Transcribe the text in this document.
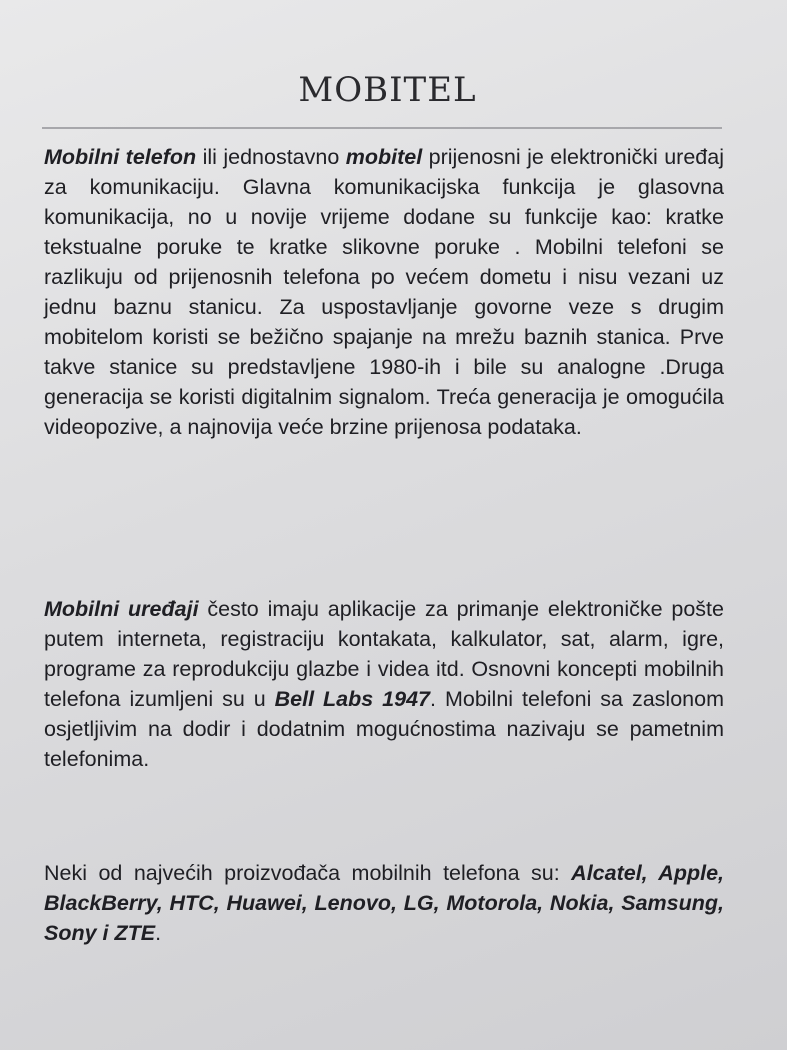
MOBITEL

Mobilni telefon ili jednostavno mobitel prijenosni je elektronički uređaj za komunikaciju. Glavna komunikacijska funkcija je glasovna komunikacija, no u novije vrijeme dodane su funkcije kao: kratke tekstualne poruke te kratke slikovne poruke . Mobilni telefoni se razlikuju od prijenosnih telefona po većem dometu i nisu vezani uz jednu baznu stanicu. Za uspostavljanje govorne veze s drugim mobitelom koristi se bežično spajanje na mrežu baznih stanica. Prve takve stanice su predstavljene 1980-ih i bile su analogne .Druga generacija se koristi digitalnim signalom. Treća generacija je omogućila videopozive, a najnovija veće brzine prijenosa podataka.

Mobilni uređaji često imaju aplikacije za primanje elektroničke pošte putem interneta, registraciju kontakata, kalkulator, sat, alarm, igre, programe za reprodukciju glazbe i videa itd. Osnovni koncepti mobilnih telefona izumljeni su u Bell Labs 1947. Mobilni telefoni sa zaslonom osjetljivim na dodir i dodatnim mogućnostima nazivaju se pametnim telefonima.

Neki od najvećih proizvođača mobilnih telefona su: Alcatel, Apple, BlackBerry, HTC, Huawei, Lenovo, LG, Motorola, Nokia, Samsung, Sony i ZTE.
